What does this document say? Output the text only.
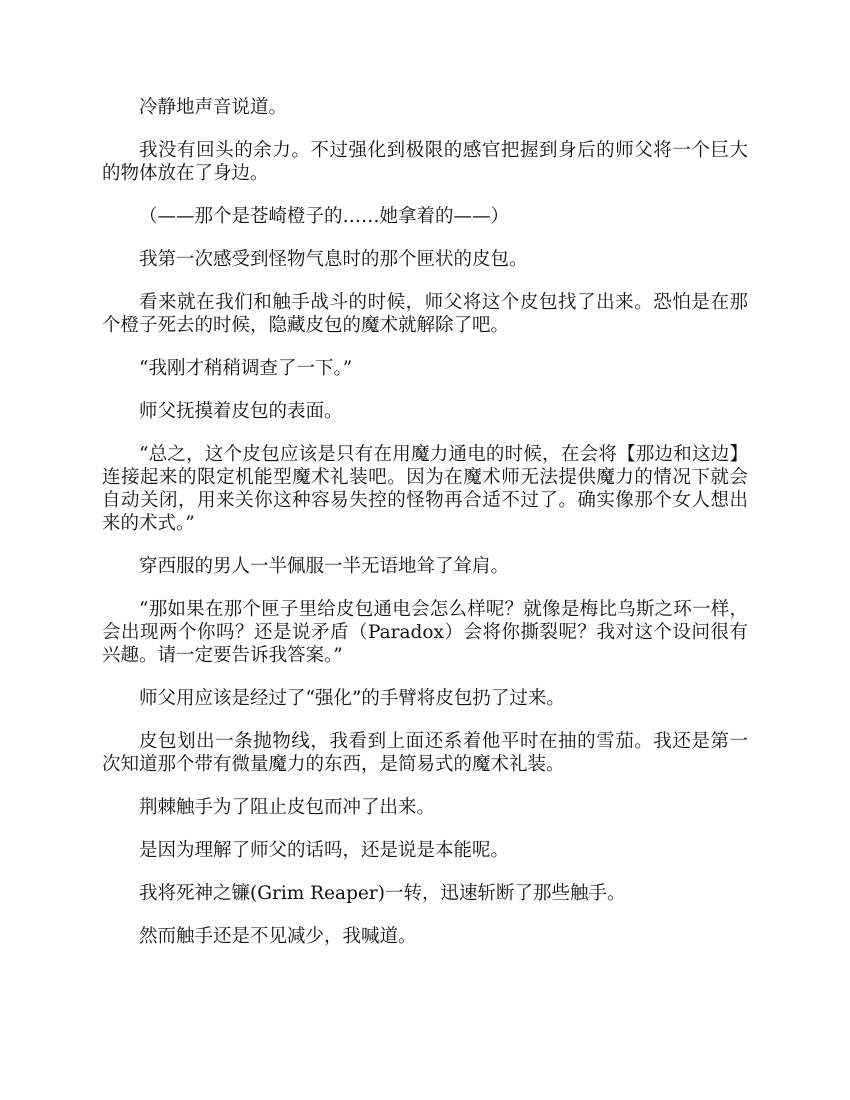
冷静地声音说道。

我没有回头的余力。不过强化到极限的感官把握到身后的师父将一个巨大的物体放在了身边。

（——那个是苍崎橙子的……她拿着的——）

我第一次感受到怪物气息时的那个匣状的皮包。

看来就在我们和触手战斗的时候，师父将这个皮包找了出来。恐怕是在那个橙子死去的时候，隐藏皮包的魔术就解除了吧。

“我刚才稍稍调查了一下。”

师父抚摸着皮包的表面。

“总之，这个皮包应该是只有在用魔力通电的时候，在会将【那边和这边】连接起来的限定机能型魔术礼装吧。因为在魔术师无法提供魔力的情况下就会自动关闭，用来关你这种容易失控的怪物再合适不过了。确实像那个女人想出来的术式。”

穿西服的男人一半佩服一半无语地耸了耸肩。

“那如果在那个匣子里给皮包通电会怎么样呢？就像是梅比乌斯之环一样，会出现两个你吗？还是说矛盾（Paradox）会将你撕裂呢？我对这个设问很有兴趣。请一定要告诉我答案。”

师父用应该是经过了“强化”的手臂将皮包扔了过来。

皮包划出一条抛物线，我看到上面还系着他平时在抽的雪茄。我还是第一次知道那个带有微量魔力的东西，是简易式的魔术礼装。

荆棘触手为了阻止皮包而冲了出来。

是因为理解了师父的话吗，还是说是本能呢。

我将死神之镰(Grim Reaper)一转，迅速斩断了那些触手。

然而触手还是不见减少，我喊道。
